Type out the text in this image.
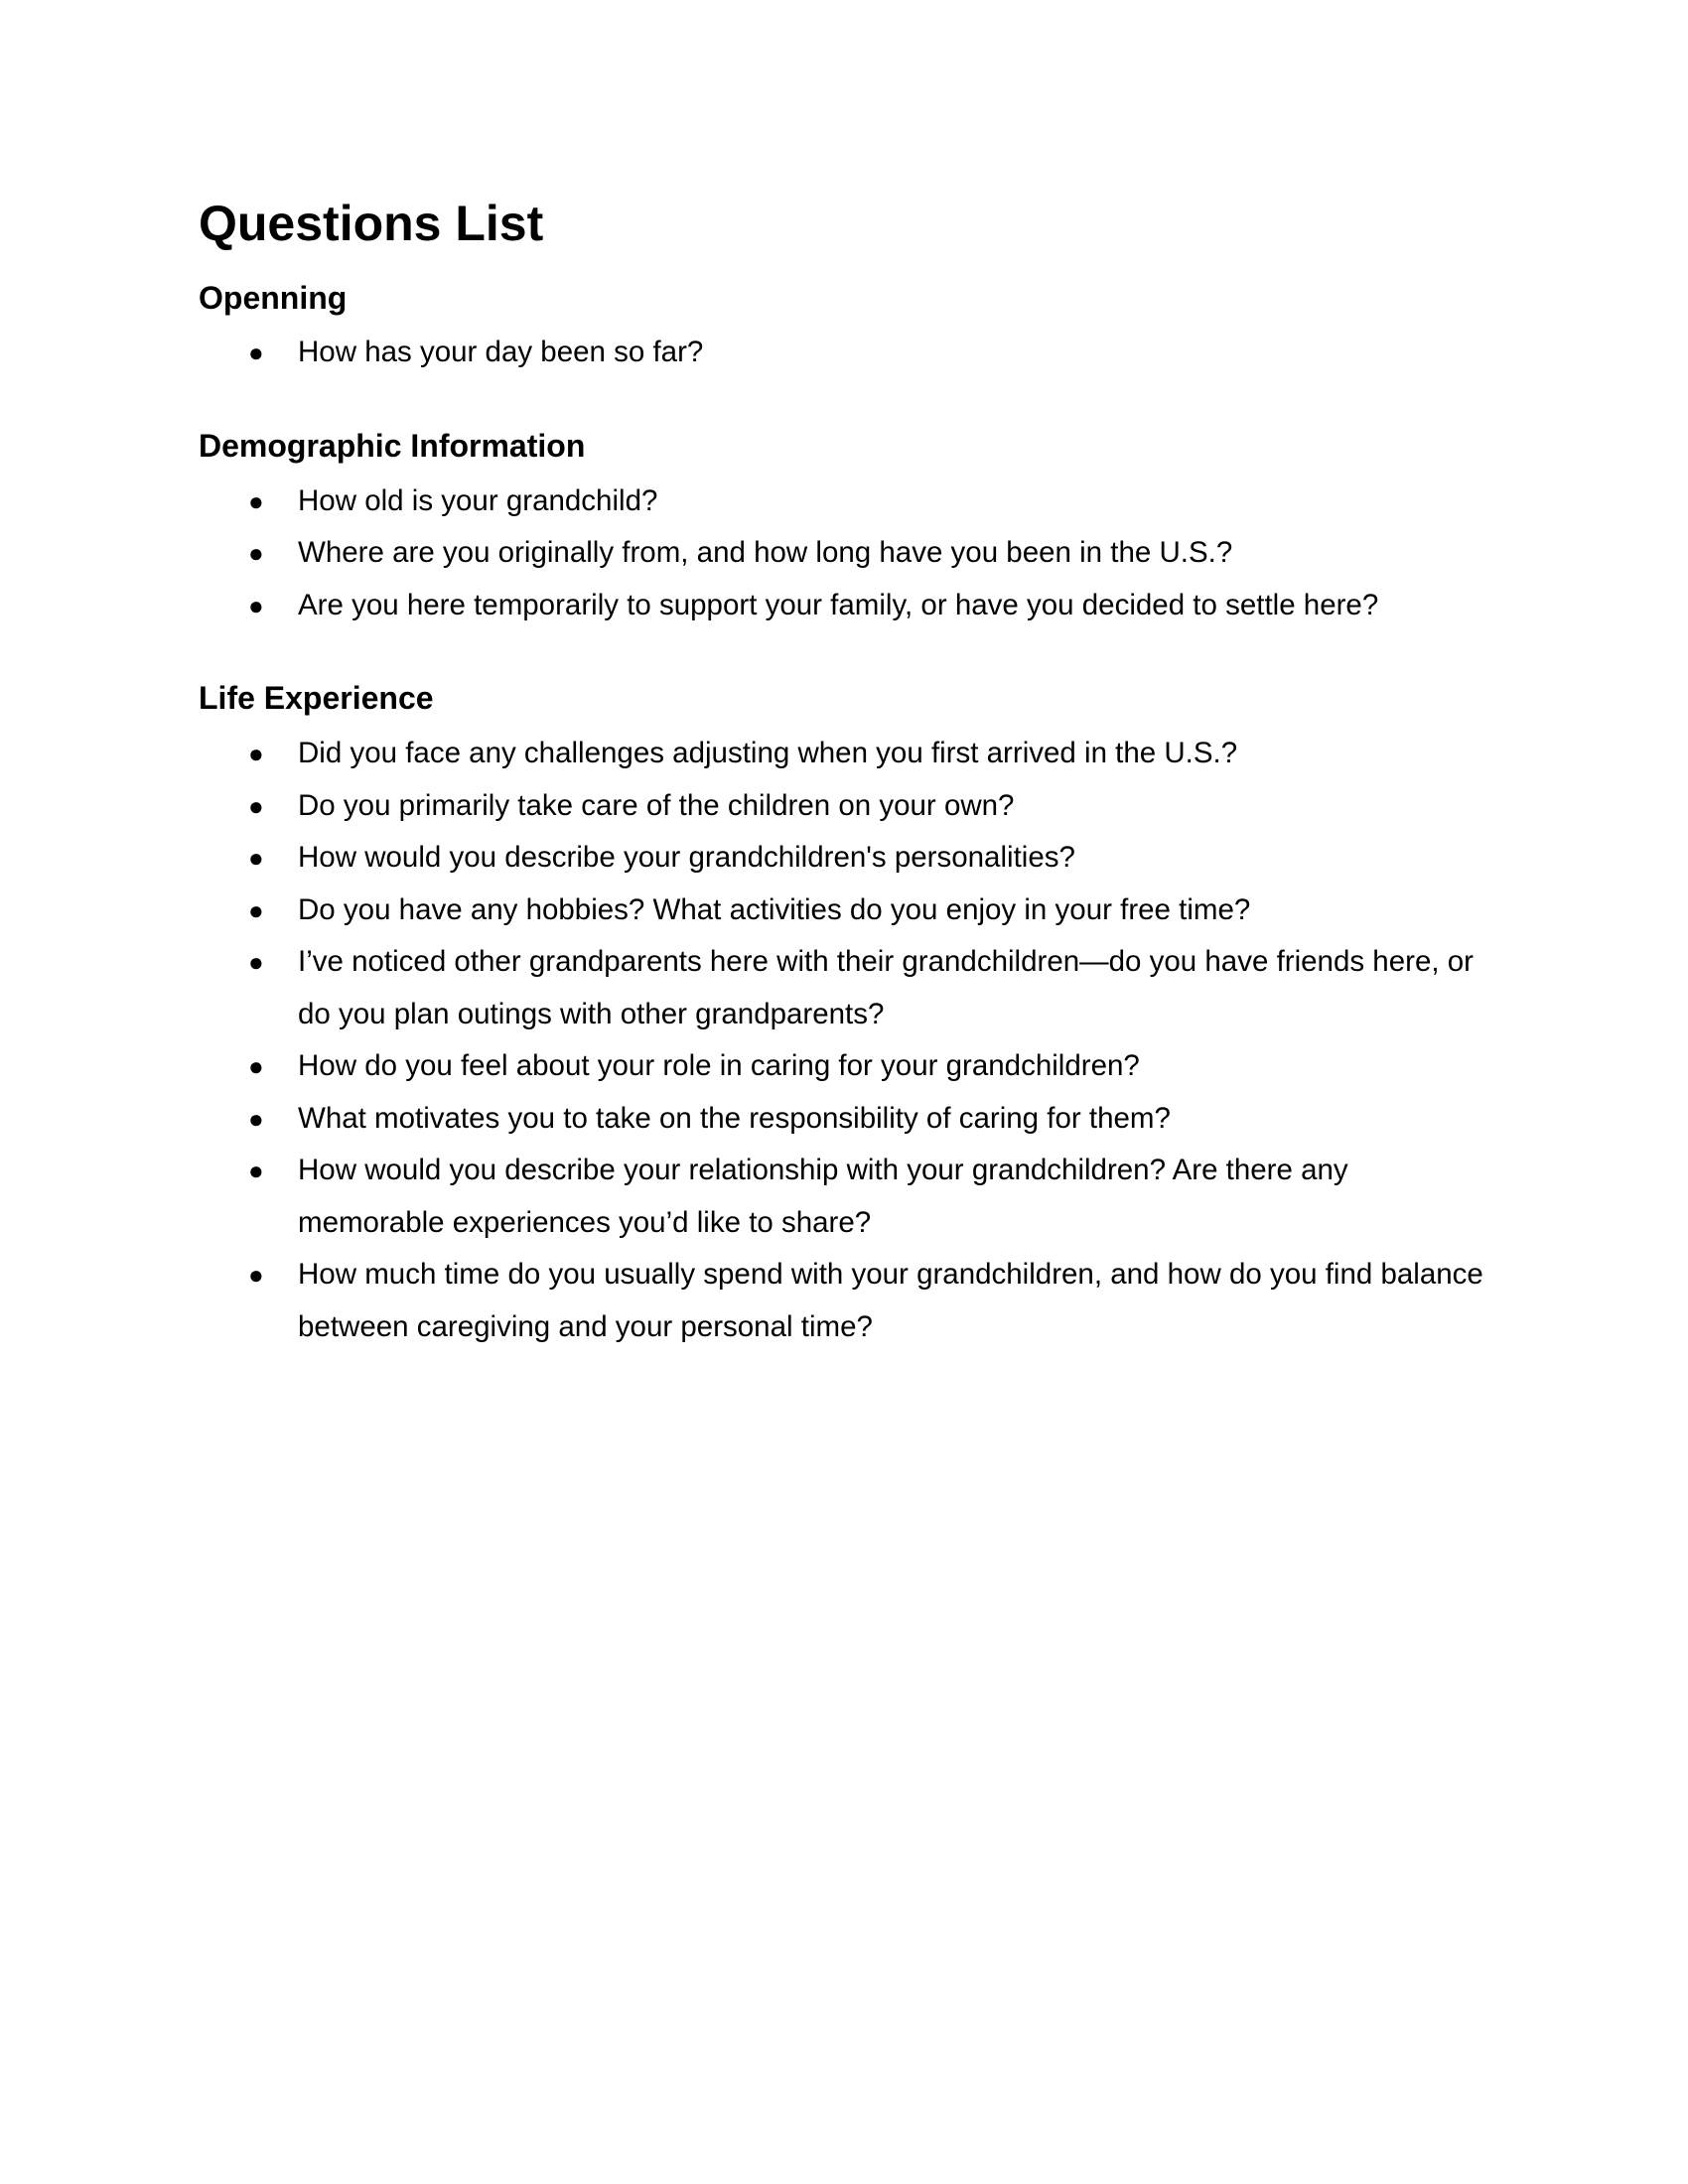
Questions List
Openning
● How has your day been so far?
Demographic Information
● How old is your grandchild?
● Where are you originally from, and how long have you been in the U.S.?
● Are you here temporarily to support your family, or have you decided to settle here?
Life Experience
● Did you face any challenges adjusting when you first arrived in the U.S.?
● Do you primarily take care of the children on your own?
● How would you describe your grandchildren's personalities?
● Do you have any hobbies? What activities do you enjoy in your free time?
● I’ve noticed other grandparents here with their grandchildren—do you have friends here, or do you plan outings with other grandparents?
● How do you feel about your role in caring for your grandchildren?
● What motivates you to take on the responsibility of caring for them?
● How would you describe your relationship with your grandchildren? Are there any memorable experiences you’d like to share?
● How much time do you usually spend with your grandchildren, and how do you find balance between caregiving and your personal time?
